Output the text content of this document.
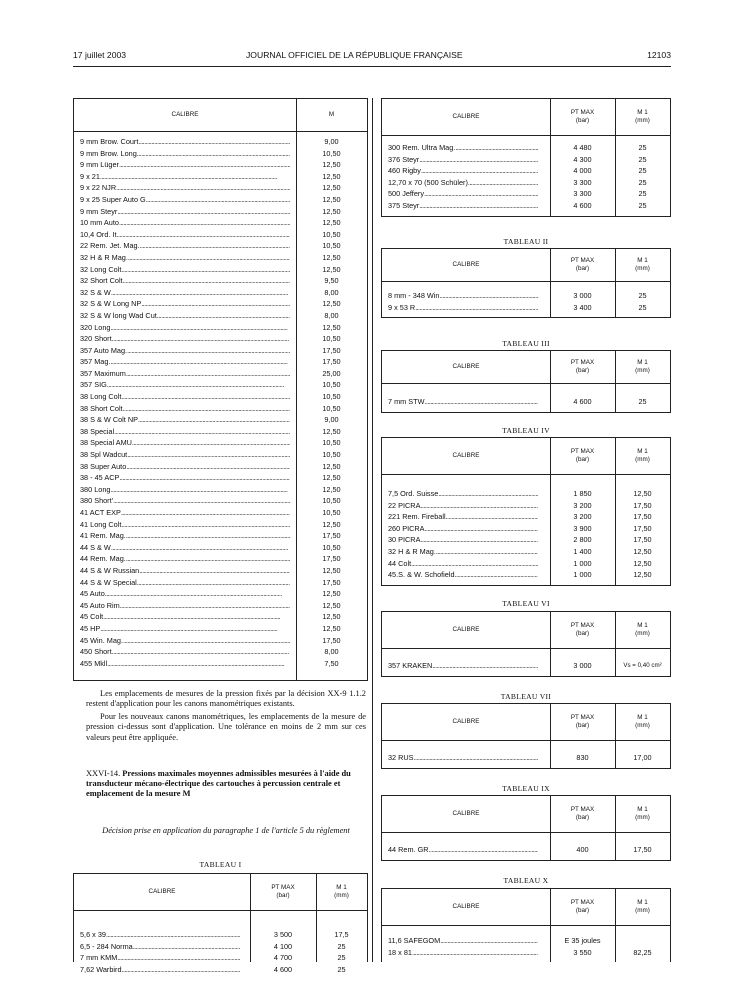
17 juillet 2003	JOURNAL OFFICIEL DE LA RÉPUBLIQUE FRANÇAISE	12103
CALIBRE	M
9 mm Brow. Court .....	9,00
9 mm Brow. Long .....	10,50
9 mm Lüger .....	12,50
9 x 21 .....	12,50
9 x 22 NJR .....	12,50
9 x 25 Super Auto G .....	12,50
9 mm Steyr .....	12,50
10 mm Auto .....	12,50
10,4 Ord. It .....	10,50
22 Rem. Jet. Mag. .....	10,50
32 H & R Mag. .....	12,50
32 Long Colt .....	12,50
32 Short Colt .....	9,50
32 S & W .....	8,00
32 S & W Long NP .....	12,50
32 S & W long Wad Cut .....	8,00
320 Long .....	12,50
320 Short .....	10,50
357 Auto Mag. .....	17,50
357 Mag. .....	17,50
357 Maximum .....	25,00
357 SIG .....	10,50
38 Long Colt .....	10,50
38 Short Colt .....	10,50
38 S & W Colt NP .....	9,00
38 Special .....	12,50
38 Special AMU .....	10,50
38 Spl Wadcut .....	10,50
38 Super Auto .....	12,50
38 - 45 ACP .....	12,50
380 Long .....	12,50
380 Short' .....	10,50
41 ACT EXP .....	10,50
41 Long Colt .....	12,50
41 Rem. Mag. .....	17,50
44 S & W .....	10,50
44 Rem. Mag. .....	17,50
44 S & W Russian .....	12,50
44 S & W Special .....	17,50
45 Auto .....	12,50
45 Auto Rim .....	12,50
45 Colt .....	12,50
45 HP .....	12,50
45 Win. Mag. .....	17,50
450 Short .....	8,00
455 Mkll .....	7,50

Les emplacements de mesures de la pression fixés par la décision XX-9 1.1.2 restent d'application pour les canons manométriques existants.

Pour les nouveaux canons manométriques, les emplacements de la mesure de pression ci-dessus sont d'application. Une tolérance en moins de 2 mm sur ces valeurs peut être appliquée.

XXVI-14. Pressions maximales moyennes admissibles mesurées à l'aide du transducteur mécano-électrique des cartouches à percussion centrale et emplacement de la mesure M
Décision prise en application du paragraphe 1 de l'article 5 du règlement
TABLEAU I
CALIBRE
PT MAX
(bar)
M 1
(mm)
5,6 x 39 .....	3 500	17,5
6,5 - 284 Norma .....	4 100	25
7 mm KMM .....	4 700	25
7,62 Warbird .....	4 600	25
CALIBRE
PT MAX
(bar)
M 1
(mm)
300 Rem. Ultra Mag. .....	4 480	25
376 Steyr .....	4 300	25
460 Rigby .....	4 000	25
12,70 x 70 (500 Schüler) .....	3 300	25
500 Jeffery .....	3 300	25
375 Steyr .....	4 600	25
TABLEAU II
CALIBRE
PT MAX
(bar)
M 1
(mm)
8 mm - 348 Win .....	3 000	25
9 x 53 R .....	3 400	25
TABLEAU III
CALIBRE
PT MAX
(bar)
M 1
(mm)
7 mm STW .....	4 600	25
TABLEAU IV
CALIBRE
PT MAX
(bar)
M 1
(mm)
7,5 Ord. Suisse .....	1 850	12,50
22 PICRA .....	3 200	17,50
221 Rem. Fireball .....	3 200	17,50
260 PICRA .....	3 900	17,50
30 PICRA .....	2 800	17,50
32 H & R Mag. .....	1 400	12,50
44 Colt .....	1 000	12,50
45.S. & W. Schofield .....	1 000	12,50
TABLEAU VI
CALIBRE
PT MAX
(bar)
M 1
(mm)
357 KRAKEN .....	3 000	Vs = 0,40 cm²
TABLEAU VII
CALIBRE
PT MAX
(bar)
M 1
(mm)
32 RUS .....	830	17,00
TABLEAU IX
CALIBRE
PT MAX
(bar)
M 1
(mm)
44 Rem. GR .....	400	17,50
TABLEAU X
CALIBRE
PT MAX
(bar)
M 1
(mm)
11,6 SAFEGOM .....	E 35 joules
18 x 81 .....	3 550	82,25
